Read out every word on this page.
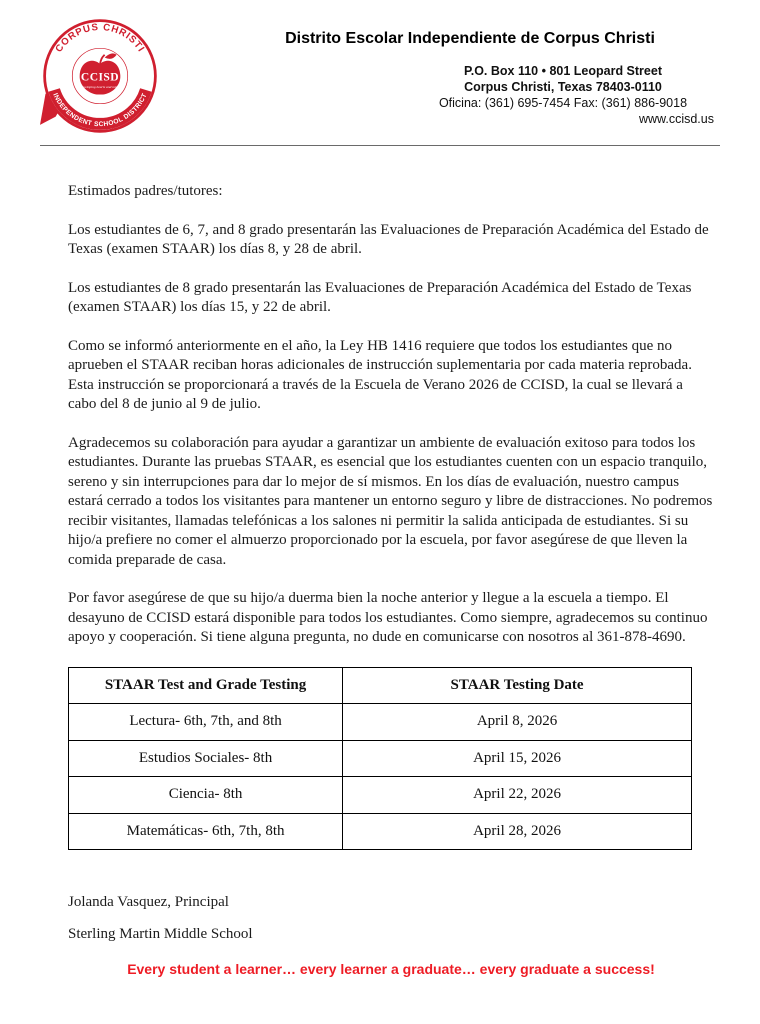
CORPUS CHRISTI
INDEPENDENT SCHOOL DISTRICT
CCISD
Developing hearts and minds
Distrito Escolar Independiente de Corpus Christi
P.O. Box 110 • 801 Leopard Street
Corpus Christi, Texas 78403-0110
Oficina: (361) 695-7454 Fax: (361) 886-9018
www.ccisd.us

Estimados padres/tutores:

Los estudiantes de 6, 7, and 8 grado presentarán las Evaluaciones de Preparación Académica del Estado de Texas (examen STAAR) los días 8, y 28 de abril.

Los estudiantes de 8 grado presentarán las Evaluaciones de Preparación Académica del Estado de Texas (examen STAAR) los días 15, y 22 de abril.

Como se informó anteriormente en el año, la Ley HB 1416 requiere que todos los estudiantes que no aprueben el STAAR reciban horas adicionales de instrucción suplementaria por cada materia reprobada. Esta instrucción se proporcionará a través de la Escuela de Verano 2026 de CCISD, la cual se llevará a cabo del 8 de junio al 9 de julio.

Agradecemos su colaboración para ayudar a garantizar un ambiente de evaluación exitoso para todos los estudiantes. Durante las pruebas STAAR, es esencial que los estudiantes cuenten con un espacio tranquilo, sereno y sin interrupciones para dar lo mejor de sí mismos. En los días de evaluación, nuestro campus estará cerrado a todos los visitantes para mantener un entorno seguro y libre de distracciones. No podremos recibir visitantes, llamadas telefónicas a los salones ni permitir la salida anticipada de estudiantes. Si su hijo/a prefiere no comer el almuerzo proporcionado por la escuela, por favor asegúrese de que lleven la comida preparade de casa.

Por favor asegúrese de que su hijo/a duerma bien la noche anterior y llegue a la escuela a tiempo. El desayuno de CCISD estará disponible para todos los estudiantes. Como siempre, agradecemos su continuo apoyo y cooperación. Si tiene alguna pregunta, no dude en comunicarse con nosotros al 361-878-4690.

STAAR Test and Grade Testing	STAAR Testing Date
Lectura- 6th, 7th, and 8th	April 8, 2026
Estudios Sociales- 8th	April 15, 2026
Ciencia- 8th	April 22, 2026
Matemáticas- 6th, 7th, 8th	April 28, 2026
Jolanda Vasquez, Principal
Sterling Martin Middle School
Every student a learner… every learner a graduate… every graduate a success!
